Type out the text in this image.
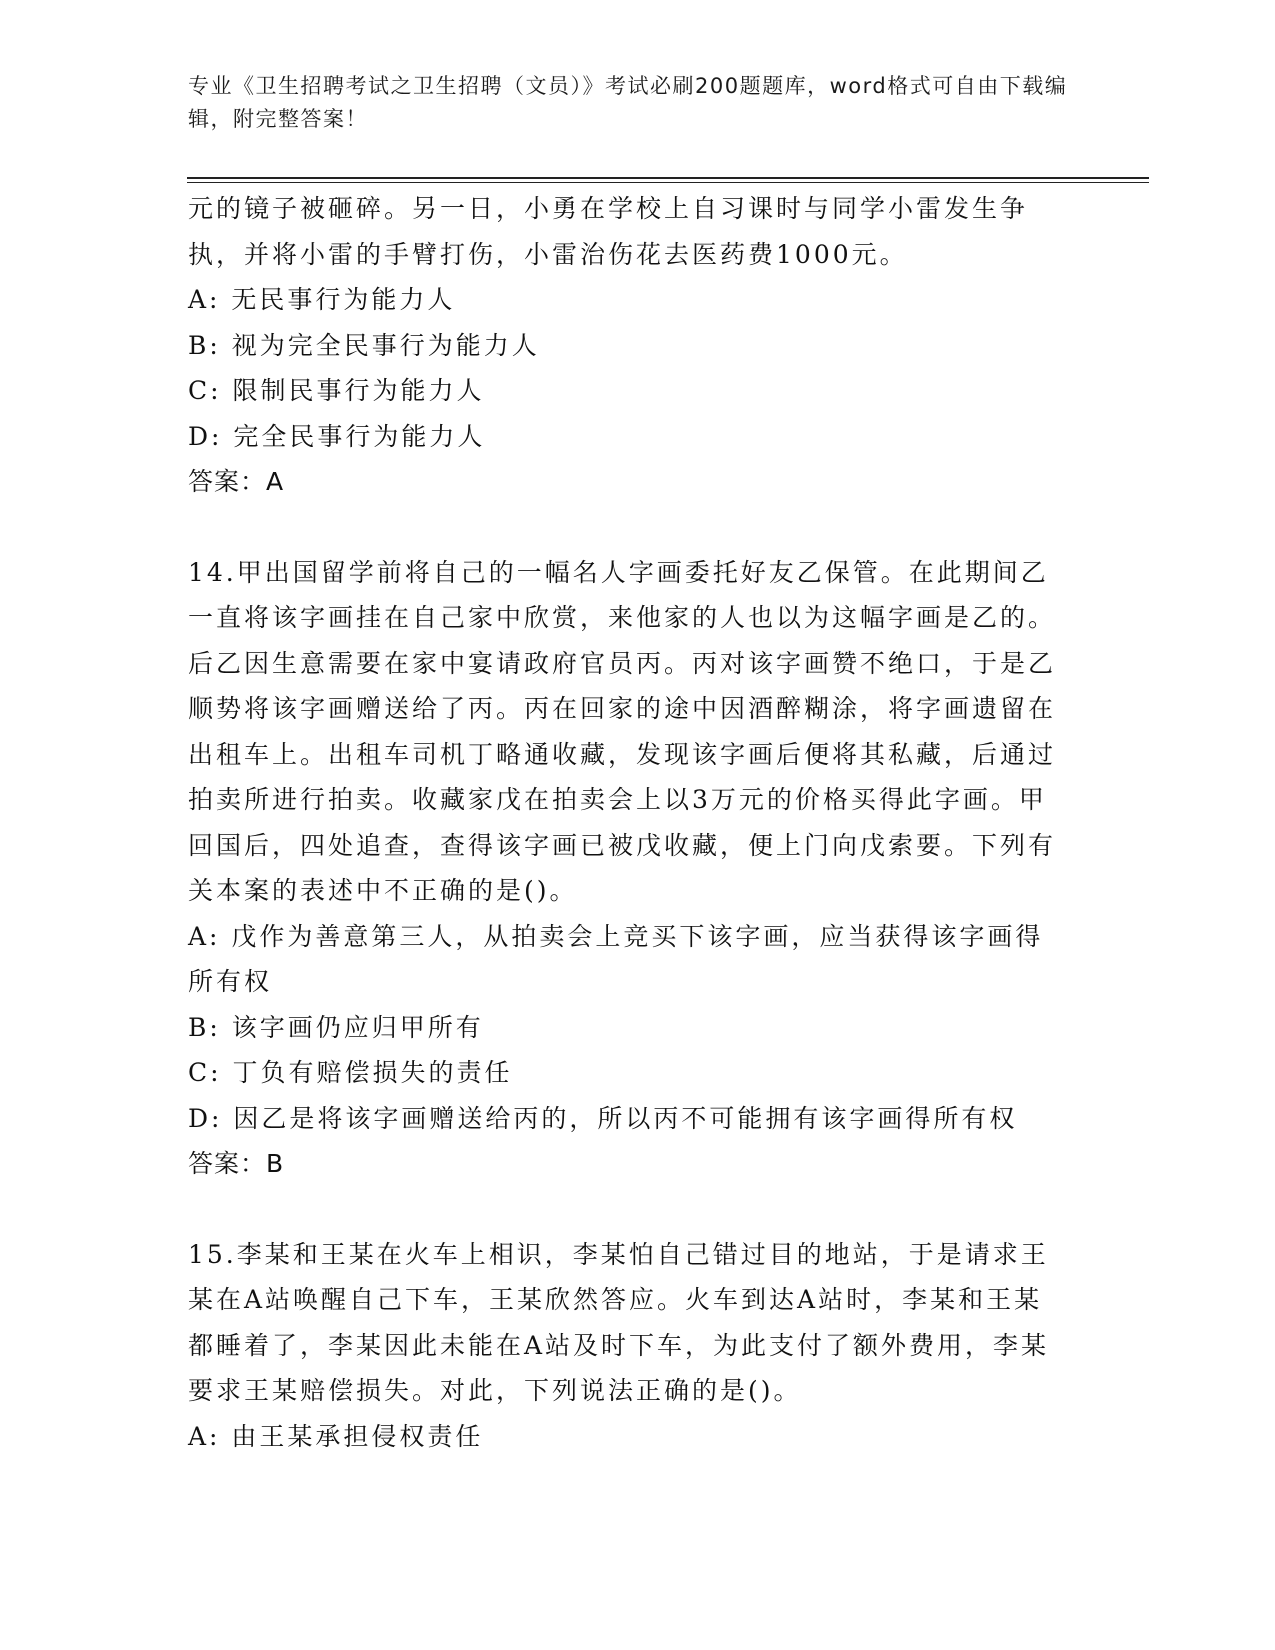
专业《卫生招聘考试之卫生招聘（文员）》考试必刷200题题库，word格式可自由下载编辑，附完整答案！

元的镜子被砸碎。另一日，小勇在学校上自习课时与同学小雷发生争执，并将小雷的手臂打伤，小雷治伤花去医药费1000元。

A: 无民事行为能力人

B: 视为完全民事行为能力人

C: 限制民事行为能力人

D: 完全民事行为能力人

答案：A

14.甲出国留学前将自己的一幅名人字画委托好友乙保管。在此期间乙一直将该字画挂在自己家中欣赏，来他家的人也以为这幅字画是乙的。后乙因生意需要在家中宴请政府官员丙。丙对该字画赞不绝口，于是乙顺势将该字画赠送给了丙。丙在回家的途中因酒醉糊涂，将字画遗留在出租车上。出租车司机丁略通收藏，发现该字画后便将其私藏，后通过拍卖所进行拍卖。收藏家戊在拍卖会上以3万元的价格买得此字画。甲回国后，四处追查，查得该字画已被戊收藏，便上门向戊索要。下列有关本案的表述中不正确的是()。

A: 戊作为善意第三人，从拍卖会上竞买下该字画，应当获得该字画得所有权

B: 该字画仍应归甲所有

C: 丁负有赔偿损失的责任

D: 因乙是将该字画赠送给丙的，所以丙不可能拥有该字画得所有权

答案：B

15.李某和王某在火车上相识，李某怕自己错过目的地站，于是请求王某在A站唤醒自己下车，王某欣然答应。火车到达A站时，李某和王某都睡着了，李某因此未能在A站及时下车，为此支付了额外费用，李某要求王某赔偿损失。对此，下列说法正确的是()。

A: 由王某承担侵权责任
